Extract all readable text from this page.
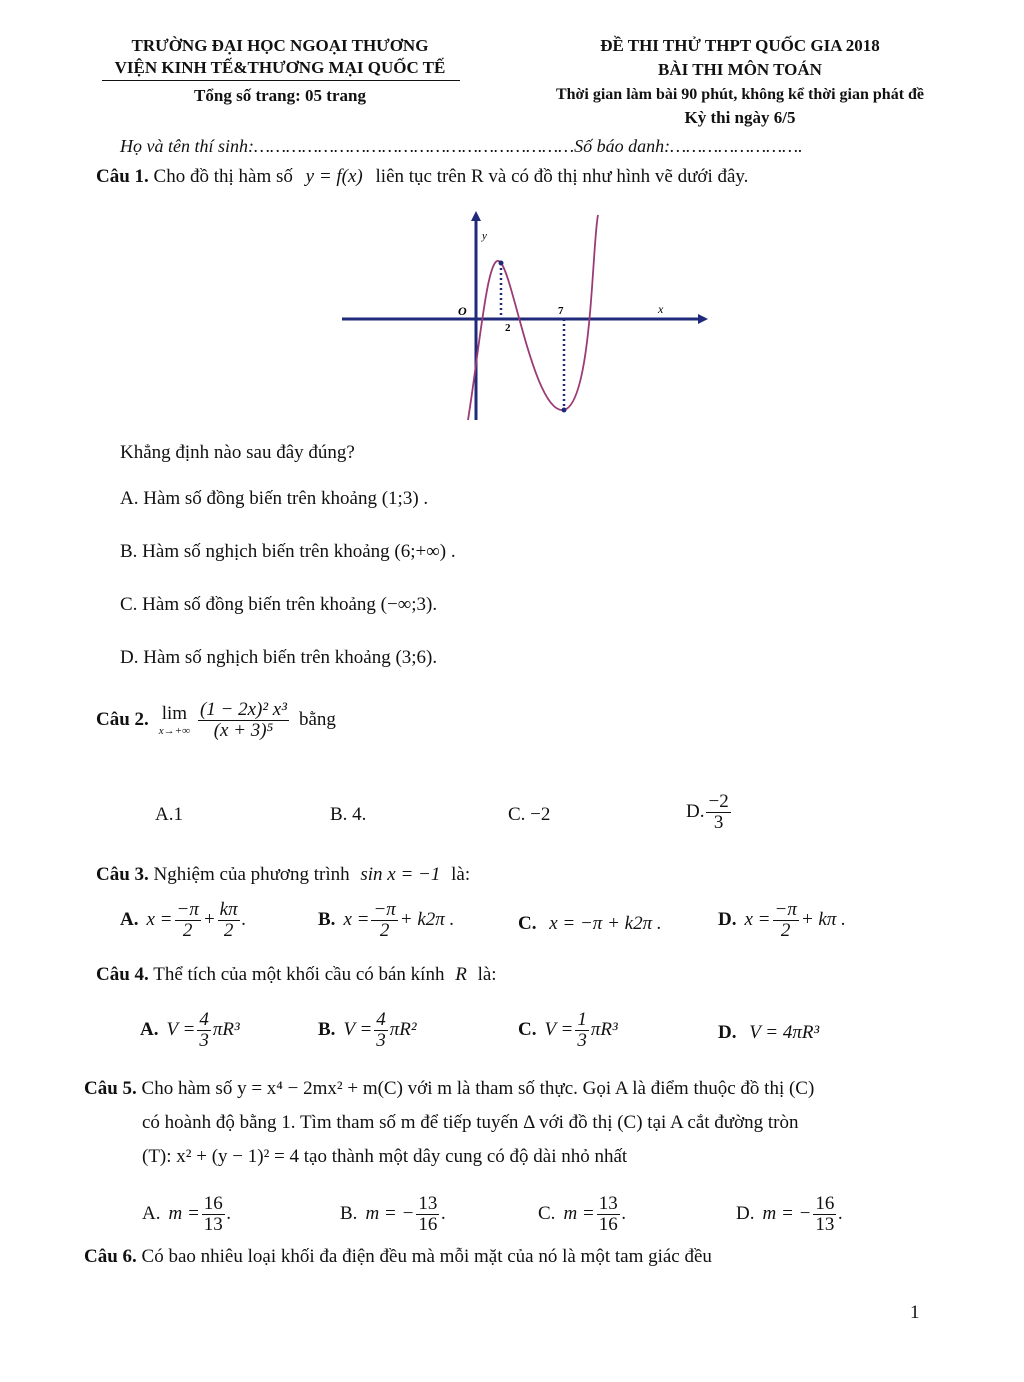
TRƯỜNG ĐẠI HỌC NGOẠI THƯƠNG
VIỆN KINH TẾ&THƯƠNG MẠI QUỐC TẾ
Tổng số trang: 05 trang
ĐỀ THI THỬ THPT QUỐC GIA 2018
BÀI THI MÔN TOÁN
Thời gian làm bài 90 phút, không kể thời gian phát đề
Kỳ thi ngày 6/5
Họ và tên thí sinh:……………………………………………………Số báo danh:…………………….
Câu 1. Cho đồ thị hàm số y = f(x) liên tục trên R và có đồ thị như hình vẽ dưới đây.
y
x
O
2
7
Khẳng định nào sau đây đúng?
A. Hàm số đồng biến trên khoảng (1;3) .
B. Hàm số nghịch biến trên khoảng (6;+∞) .
C. Hàm số đồng biến trên khoảng (−∞;3).
D. Hàm số nghịch biến trên khoảng (3;6).
Câu 2. lim
$x\to+\infty \frac{\text{(1 − 2x)² x³}}{\text{(x + 3)⁵}}$ bằng
A.1	B. 4.	C. −2	D. $\frac{-2}{3}$
Câu 3. Nghiệm của phương trình sin x = −1 là:
A. $x = \frac{-\pi}{2} + \frac{k\pi}{2}$ .	B. $x = \frac{-\pi}{2} + k2\pi$ .	C. x = −π + k2π .	D. $x = \frac{-\pi}{2} + k\pi$ .
Câu 4. Thể tích của một khối cầu có bán kính R là:
A. $V = \frac{4}{3} \pi R^3$	B. $V = \frac{4}{3} \pi R^2$	C. $V = \frac{1}{3} \pi R^3$	D. V = 4πR³
Câu 5. Cho hàm số y = x⁴ − 2mx² + m(C) với m là tham số thực. Gọi A là điểm thuộc đồ thị (C)
có hoành độ bằng 1. Tìm tham số m để tiếp tuyến Δ với đồ thị (C) tại A cắt đường tròn
(T): x² + (y − 1)² = 4 tạo thành một dây cung có độ dài nhỏ nhất
A. $m = \frac{16}{13}$ .	B. m = − $\frac{13}{16}$ .	C. $m = \frac{13}{16}$ .	D. m = − $\frac{16}{13}$ .
Câu 6. Có bao nhiêu loại khối đa điện đều mà mỗi mặt của nó là một tam giác đều
1
